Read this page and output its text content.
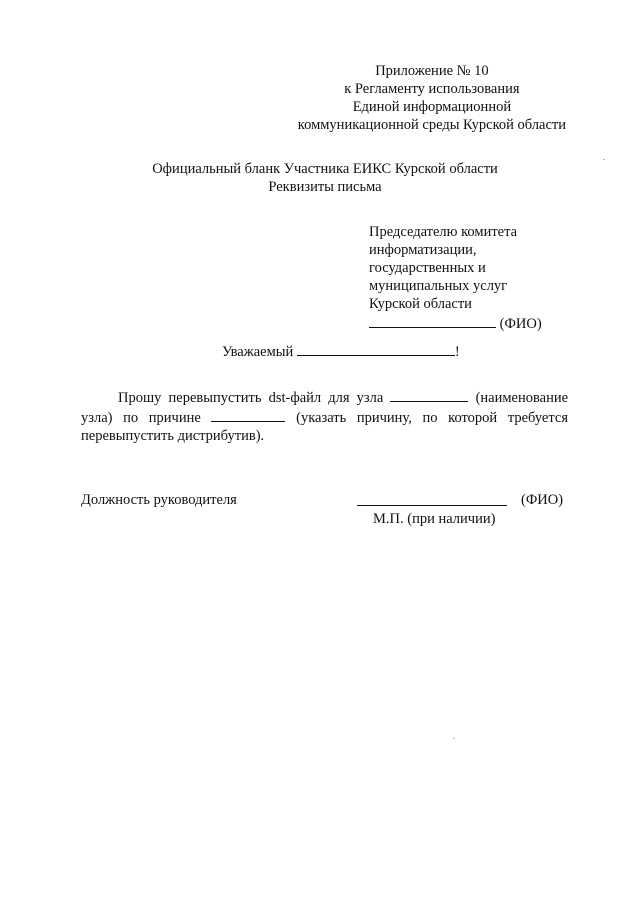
Приложение № 10
к Регламенту использования
Единой информационной
коммуникационной среды Курской области
Официальный бланк Участника ЕИКС Курской области
Реквизиты письма
Председателю комитета
информатизации,
государственных и
муниципальных услуг
Курской области
(ФИО)
Уважаемый	!

Прошу перевыпустить dst-файл для узла	(наименование узла) по причине	(указать причину, по которой требуется перевыпустить дистрибутив).

Должность руководителя	(ФИО)
М.П. (при наличии)
